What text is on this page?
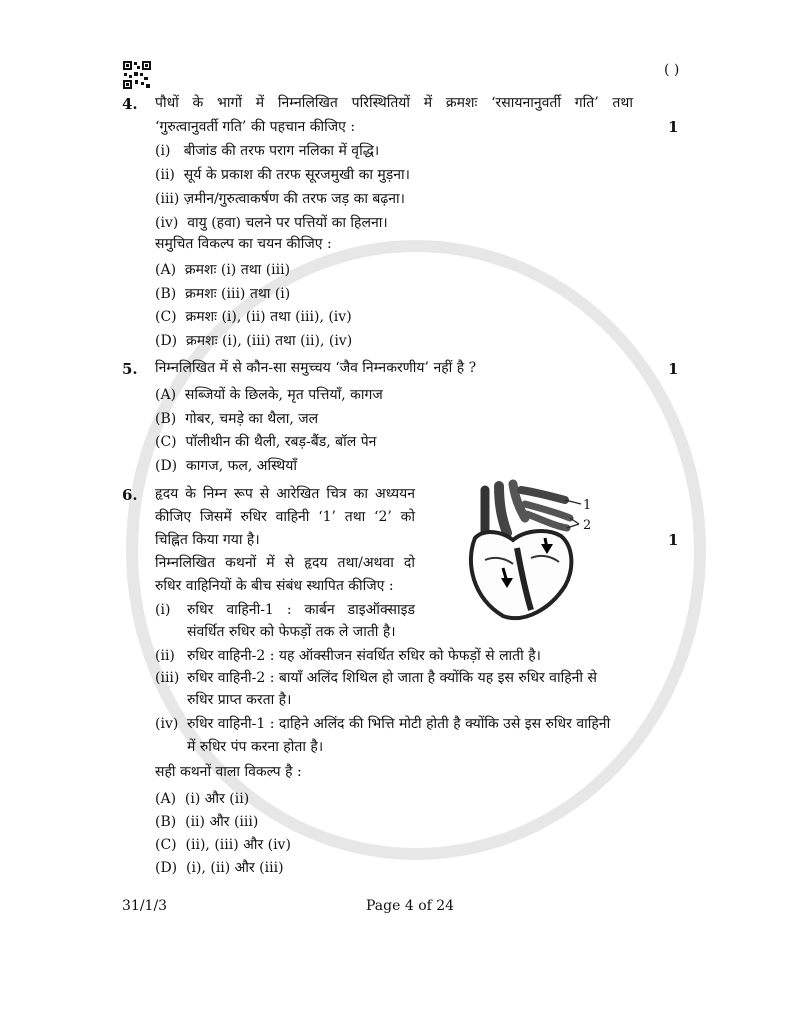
( )
4. पौधों के भागों में निम्नलिखित परिस्थितियों में क्रमशः ‘रसायनानुवर्ती गति’ तथा
‘गुरुत्वानुवर्ती गति’ की पहचान कीजिए :	1
(i)   बीजांड की तरफ पराग नलिका में वृद्धि।
(ii)  सूर्य के प्रकाश की तरफ सूरजमुखी का मुड़ना।
(iii) ज़मीन/गुरुत्वाकर्षण की तरफ जड़ का बढ़ना।
(iv)  वायु (हवा) चलने पर पत्तियों का हिलना।
समुचित विकल्प का चयन कीजिए :
(A)  क्रमशः (i) तथा (iii)
(B)  क्रमशः (iii) तथा (i)
(C)  क्रमशः (i), (ii) तथा (iii), (iv)
(D)  क्रमशः (i), (iii) तथा (ii), (iv)
5. निम्नलिखित में से कौन-सा समुच्चय ‘जैव निम्नकरणीय’ नहीं है ?	1
(A)  सब्जियों के छिलके, मृत पत्तियाँ, कागज
(B)  गोबर, चमड़े का थैला, जल
(C)  पॉलीथीन की थैली, रबड़-बैंड, बॉल पेन
(D)  कागज, फल, अस्थियाँ
6. हृदय के निम्न रूप से आरेखित चित्र का अध्ययन
कीजिए जिसमें रुधिर वाहिनी ‘1’ तथा ‘2’ को
चिह्नित किया गया है।
निम्नलिखित कथनों में से हृदय तथा/अथवा दो
रुधिर वाहिनियों के बीच संबंध स्थापित कीजिए :
1
1
2
(i) रुधिर वाहिनी-1 : कार्बन डाइऑक्साइड
संवर्धित रुधिर को फेफड़ों तक ले जाती है।
(ii) रुधिर वाहिनी-2 : यह ऑक्सीजन संवर्धित रुधिर को फेफड़ों से लाती है।
(iii) रुधिर वाहिनी-2 : बायाँ अलिंद शिथिल हो जाता है क्योंकि यह इस रुधिर वाहिनी से
रुधिर प्राप्त करता है।
(iv) रुधिर वाहिनी-1 : दाहिने अलिंद की भित्ति मोटी होती है क्योंकि उसे इस रुधिर वाहिनी
में रुधिर पंप करना होता है।
सही कथनों वाला विकल्प है :
(A)  (i) और (ii)
(B)  (ii) और (iii)
(C)  (ii), (iii) और (iv)
(D)  (i), (ii) और (iii)
31/1/3	Page 4 of 24
